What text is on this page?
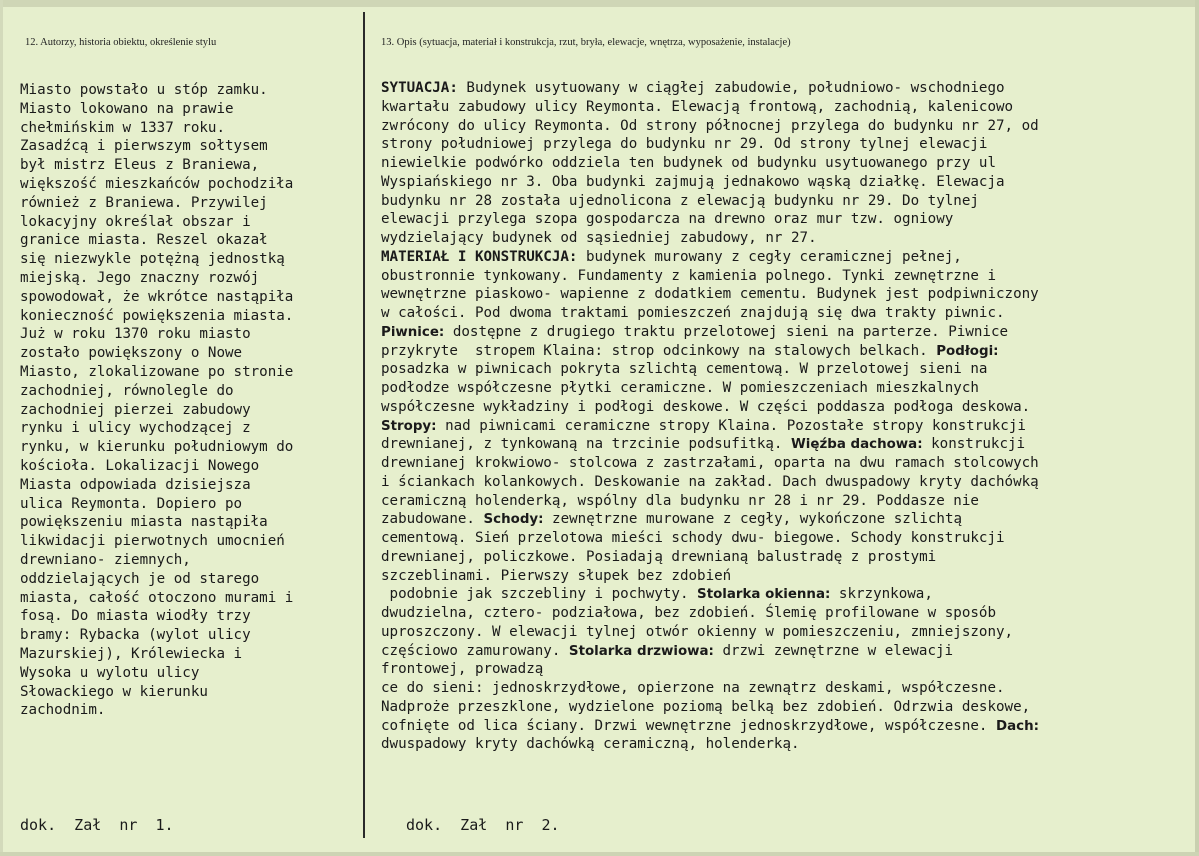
12. Autorzy, historia obiektu, określenie stylu	13. Opis (sytuacja, materiał i konstrukcja, rzut, bryła, elewacje, wnętrza, wyposażenie, instalacje)
Miasto powstało u stóp zamku.
Miasto lokowano na prawie
chełmińskim w 1337 roku.
Zasadźcą i pierwszym sołtysem
był mistrz Eleus z Braniewa,
większość mieszkańców pochodziła
również z Braniewa. Przywilej
lokacyjny określał obszar i
granice miasta. Reszel okazał
się niezwykle potężną jednostką
miejską. Jego znaczny rozwój
spowodował, że wkrótce nastąpiła
konieczność powiększenia miasta.
Już w roku 1370 roku miasto
zostało powiększony o Nowe
Miasto, zlokalizowane po stronie
zachodniej, równolegle do
zachodniej pierzei zabudowy
rynku i ulicy wychodzącej z
rynku, w kierunku południowym do
kościoła. Lokalizacji Nowego
Miasta odpowiada dzisiejsza
ulica Reymonta. Dopiero po
powiększeniu miasta nastąpiła
likwidacji pierwotnych umocnień
drewniano- ziemnych,
oddzielających je od starego
miasta, całość otoczono murami i
fosą. Do miasta wiodły trzy
bramy: Rybacka (wylot ulicy
Mazurskiej), Królewiecka i
Wysoka u wylotu ulicy
Słowackiego w kierunku
zachodnim.
SYTUACJA: Budynek usytuowany w ciągłej zabudowie, południowo- wschodniego
kwartału zabudowy ulicy Reymonta. Elewacją frontową, zachodnią, kalenicowo
zwrócony do ulicy Reymonta. Od strony północnej przylega do budynku nr 27, od
strony południowej przylega do budynku nr 29. Od strony tylnej elewacji
niewielkie podwórko oddziela ten budynek od budynku usytuowanego przy ul
Wyspiańskiego nr 3. Oba budynki zajmują jednakowo wąską działkę. Elewacja
budynku nr 28 została ujednolicona z elewacją budynku nr 29. Do tylnej
elewacji przylega szopa gospodarcza na drewno oraz mur tzw. ogniowy
wydzielający budynek od sąsiedniej zabudowy, nr 27.
MATERIAŁ I KONSTRUKCJA: budynek murowany z cegły ceramicznej pełnej,
obustronnie tynkowany. Fundamenty z kamienia polnego. Tynki zewnętrzne i
wewnętrzne piaskowo- wapienne z dodatkiem cementu. Budynek jest podpiwniczony
w całości. Pod dwoma traktami pomieszczeń znajdują się dwa trakty piwnic.
Piwnice: dostępne z drugiego traktu przelotowej sieni na parterze. Piwnice
przykryte  stropem Klaina: strop odcinkowy na stalowych belkach. Podłogi:
posadzka w piwnicach pokryta szlichtą cementową. W przelotowej sieni na
podłodze współczesne płytki ceramiczne. W pomieszczeniach mieszkalnych
współczesne wykładziny i podłogi deskowe. W części poddasza podłoga deskowa.
Stropy: nad piwnicami ceramiczne stropy Klaina. Pozostałe stropy konstrukcji
drewnianej, z tynkowaną na trzcinie podsufitką. Więźba dachowa: konstrukcji
drewnianej krokwiowo- stolcowa z zastrzałami, oparta na dwu ramach stolcowych
i ściankach kolankowych. Deskowanie na zakład. Dach dwuspadowy kryty dachówką
ceramiczną holenderką, wspólny dla budynku nr 28 i nr 29. Poddasze nie
zabudowane. Schody: zewnętrzne murowane z cegły, wykończone szlichtą
cementową. Sień przelotowa mieści schody dwu- biegowe. Schody konstrukcji
drewnianej, policzkowe. Posiadają drewnianą balustradę z prostymi
szczeblinami. Pierwszy słupek bez zdobień
podobnie jak szczebliny i pochwyty. Stolarka okienna: skrzynkowa,
dwudzielna, cztero- podziałowa, bez zdobień. Ślemię profilowane w sposób
uproszczony. W elewacji tylnej otwór okienny w pomieszczeniu, zmniejszony,
częściowo zamurowany. Stolarka drzwiowa: drzwi zewnętrzne w elewacji
frontowej, prowadzą
ce do sieni: jednoskrzydłowe, opierzone na zewnątrz deskami, współczesne.
Nadproże przeszklone, wydzielone poziomą belką bez zdobień. Odrzwia deskowe,
cofnięte od lica ściany. Drzwi wewnętrzne jednoskrzydłowe, współczesne. Dach:
dwuspadowy kryty dachówką ceramiczną, holenderką.
dok.  Zał  nr  1.	dok.  Zał  nr  2.
